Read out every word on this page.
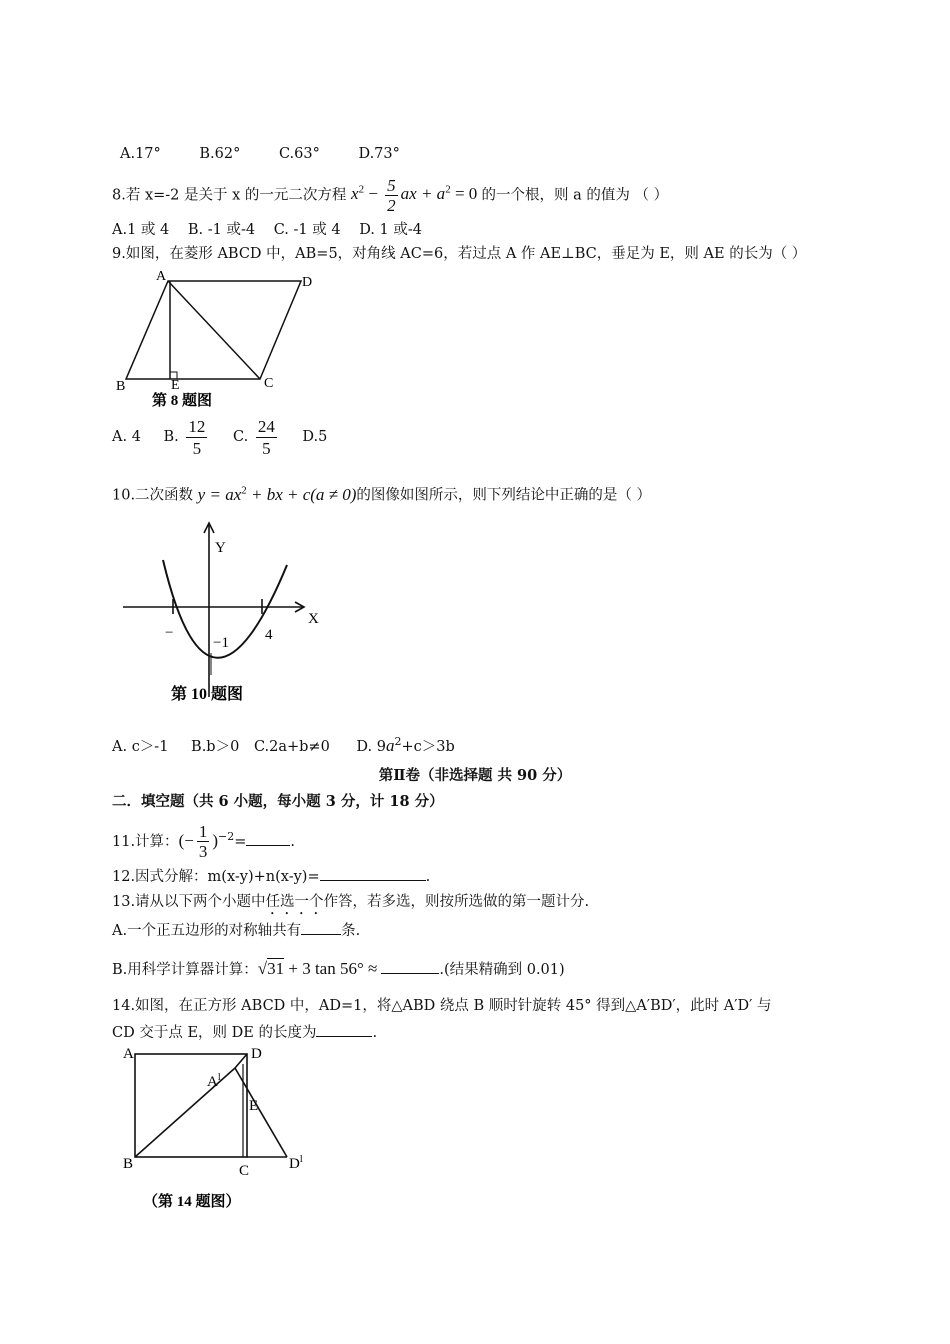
A.17°	B.62°	C.63°	D.73°
8.若 x=-2 是关于 x 的一元二次方程 $x^2 - \frac{5}{2}$ ax + $a^2 = 0$ 的一个根，则 a 的值为 （ ）
A.1 或 4 B. -1 或-4 C. -1 或 4 D. 1 或-4
9.如图，在菱形 ABCD 中，AB=5，对角线 AC=6，若过点 A 作 AE⊥BC，垂足为 E，则 AE 的长为（ ）
A	D
B	E	C
第 8 题图
A. 4 B. $\frac{12}{5} C$. $\frac{24}{5} D.5$
10.二次函数 $y = ax^2$ + bx + c(a ≠ 0)的图像如图所示，则下列结论中正确的是（ ）
Y
X
−
−1 4
第 10 题图
A. c＞-1 B.b＞0 C.2a+b≠0 D. $9a^2+c>3b$
第Ⅱ卷（非选择题 共 90 分）
二．填空题（共 6 小题，每小题 3 分，计 18 分）
11.计算：(− $\frac{1}{3} )^{-2}=$	.
12.因式分解：m(x-y)+n(x-y)=	.
13.请从以下两个小题中任选一个作答，若多选，则按所选做的第一题计分.
A.一个正五边形的对称轴共有	条.
B.用科学计算器计算：√31 + 3 tan 56° ≈	.(结果精确到 0.01)
14.如图，在正方形 ABCD 中，AD=1，将△ABD 绕点 B 顺时针旋转 45° 得到△A′BD′，此时 A′D′ 与
CD 交于点 E，则 DE 的长度为	.
A	D
$A^l$
E
B	C	$D^l$
（第 14 题图）
